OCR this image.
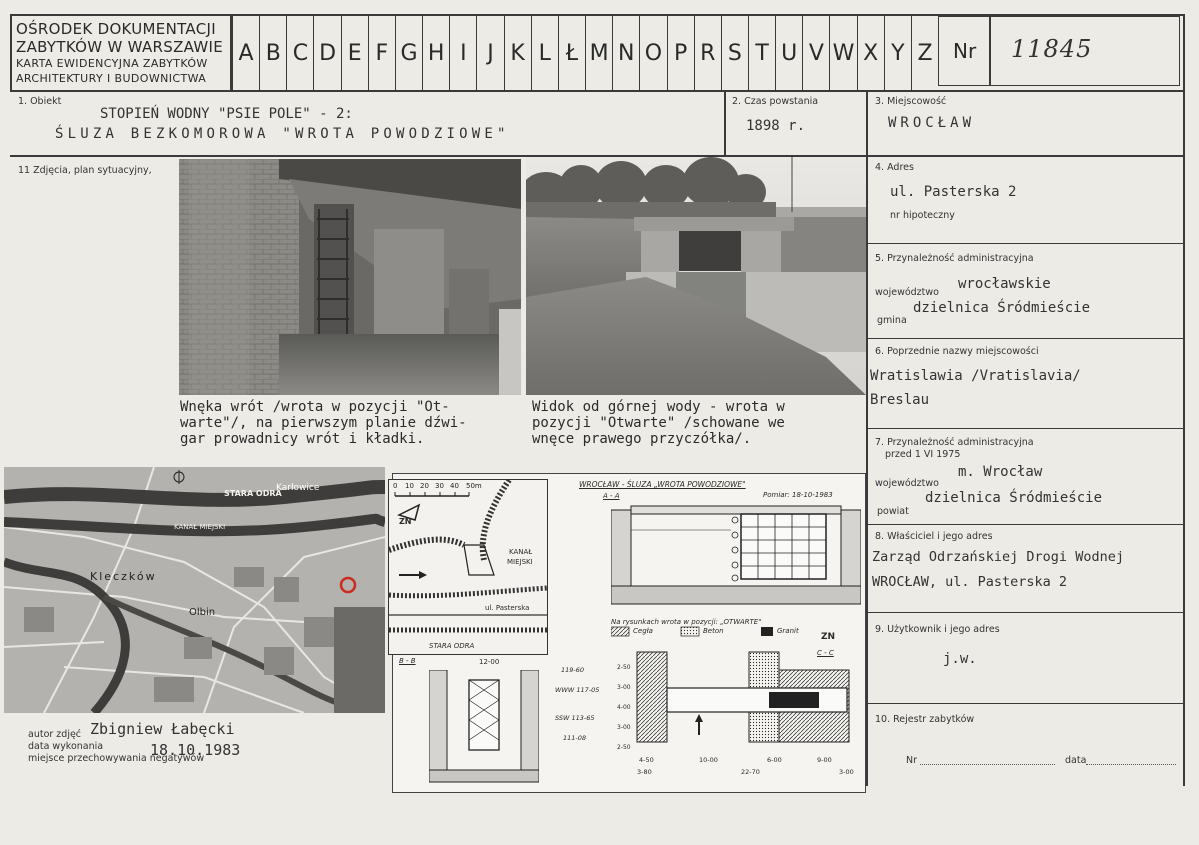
OŚRODEK DOKUMENTACJI
ZABYTKÓW W WARSZAWIE
KARTA EWIDENCYJNA ZABYTKÓW
ARCHITEKTURY I BUDOWNICTWA
A B C D E F G H I J K L Ł M N O P R S T U V W X Y Z Nr 11845
1. Obiekt
STOPIEŃ WODNY "PSIE POLE" - 2:
ŚLUZA BEZKOMOROWA "WROTA POWODZIOWE"
2. Czas powstania
1898 r.
3. Miejscowość
WROCŁAW
11 Zdjęcia, plan sytuacyjny,	4. Adres
ul. Pasterska 2
nr hipoteczny
5. Przynależność administracyjna
województwo
wrocławskie
gmina
dzielnica Śródmieście
6. Poprzednie nazwy miejscowości
Wratislawia /Vratislavia/
Breslau
7. Przynależność administracyjna
przed 1 VI 1975
województwo
m. Wrocław
powiat
dzielnica Śródmieście
8. Właściciel i jego adres
Zarząd Odrzańskiej Drogi Wodnej
WROCŁAW, ul. Pasterska 2
9. Użytkownik i jego adres
j.w.
10. Rejestr zabytków
Nr	data
Wnęka wrót /wrota w pozycji "Ot-
warte"/, na pierwszym planie dźwi-
gar prowadnicy wrót i kładki.
Widok od górnej wody - wrota w
pozycji "Otwarte" /schowane we
wnęce prawego przyczółka/.
STARA ODRA
Karłowice
KANAŁ MIEJSKI
Kleczków
Olbin
0 10 20 30 40 50m
KANAŁ
MIEJSKI
ul. Pasterska
STARA ODRA
ZN
WROCŁAW - ŚLUZA „WROTA POWODZIOWE"
A - A	Pomiar: 18-10-1983
Na rysunkach wrota w pozycji: „OTWARTE"
Cegła	Beton	Granit
ZN
B - B	12-00
119-60
WWW 117-05
SSW 113-65
111-08
C - C
4-50
3-80
10-00	6-00
22-70
9-00
3-00
2-50
3-00
4-00
3-00
2-50
autor zdjęć Zbigniew Łabęcki
data wykonania	18.10.1983
miejsce przechowywania negatywów
